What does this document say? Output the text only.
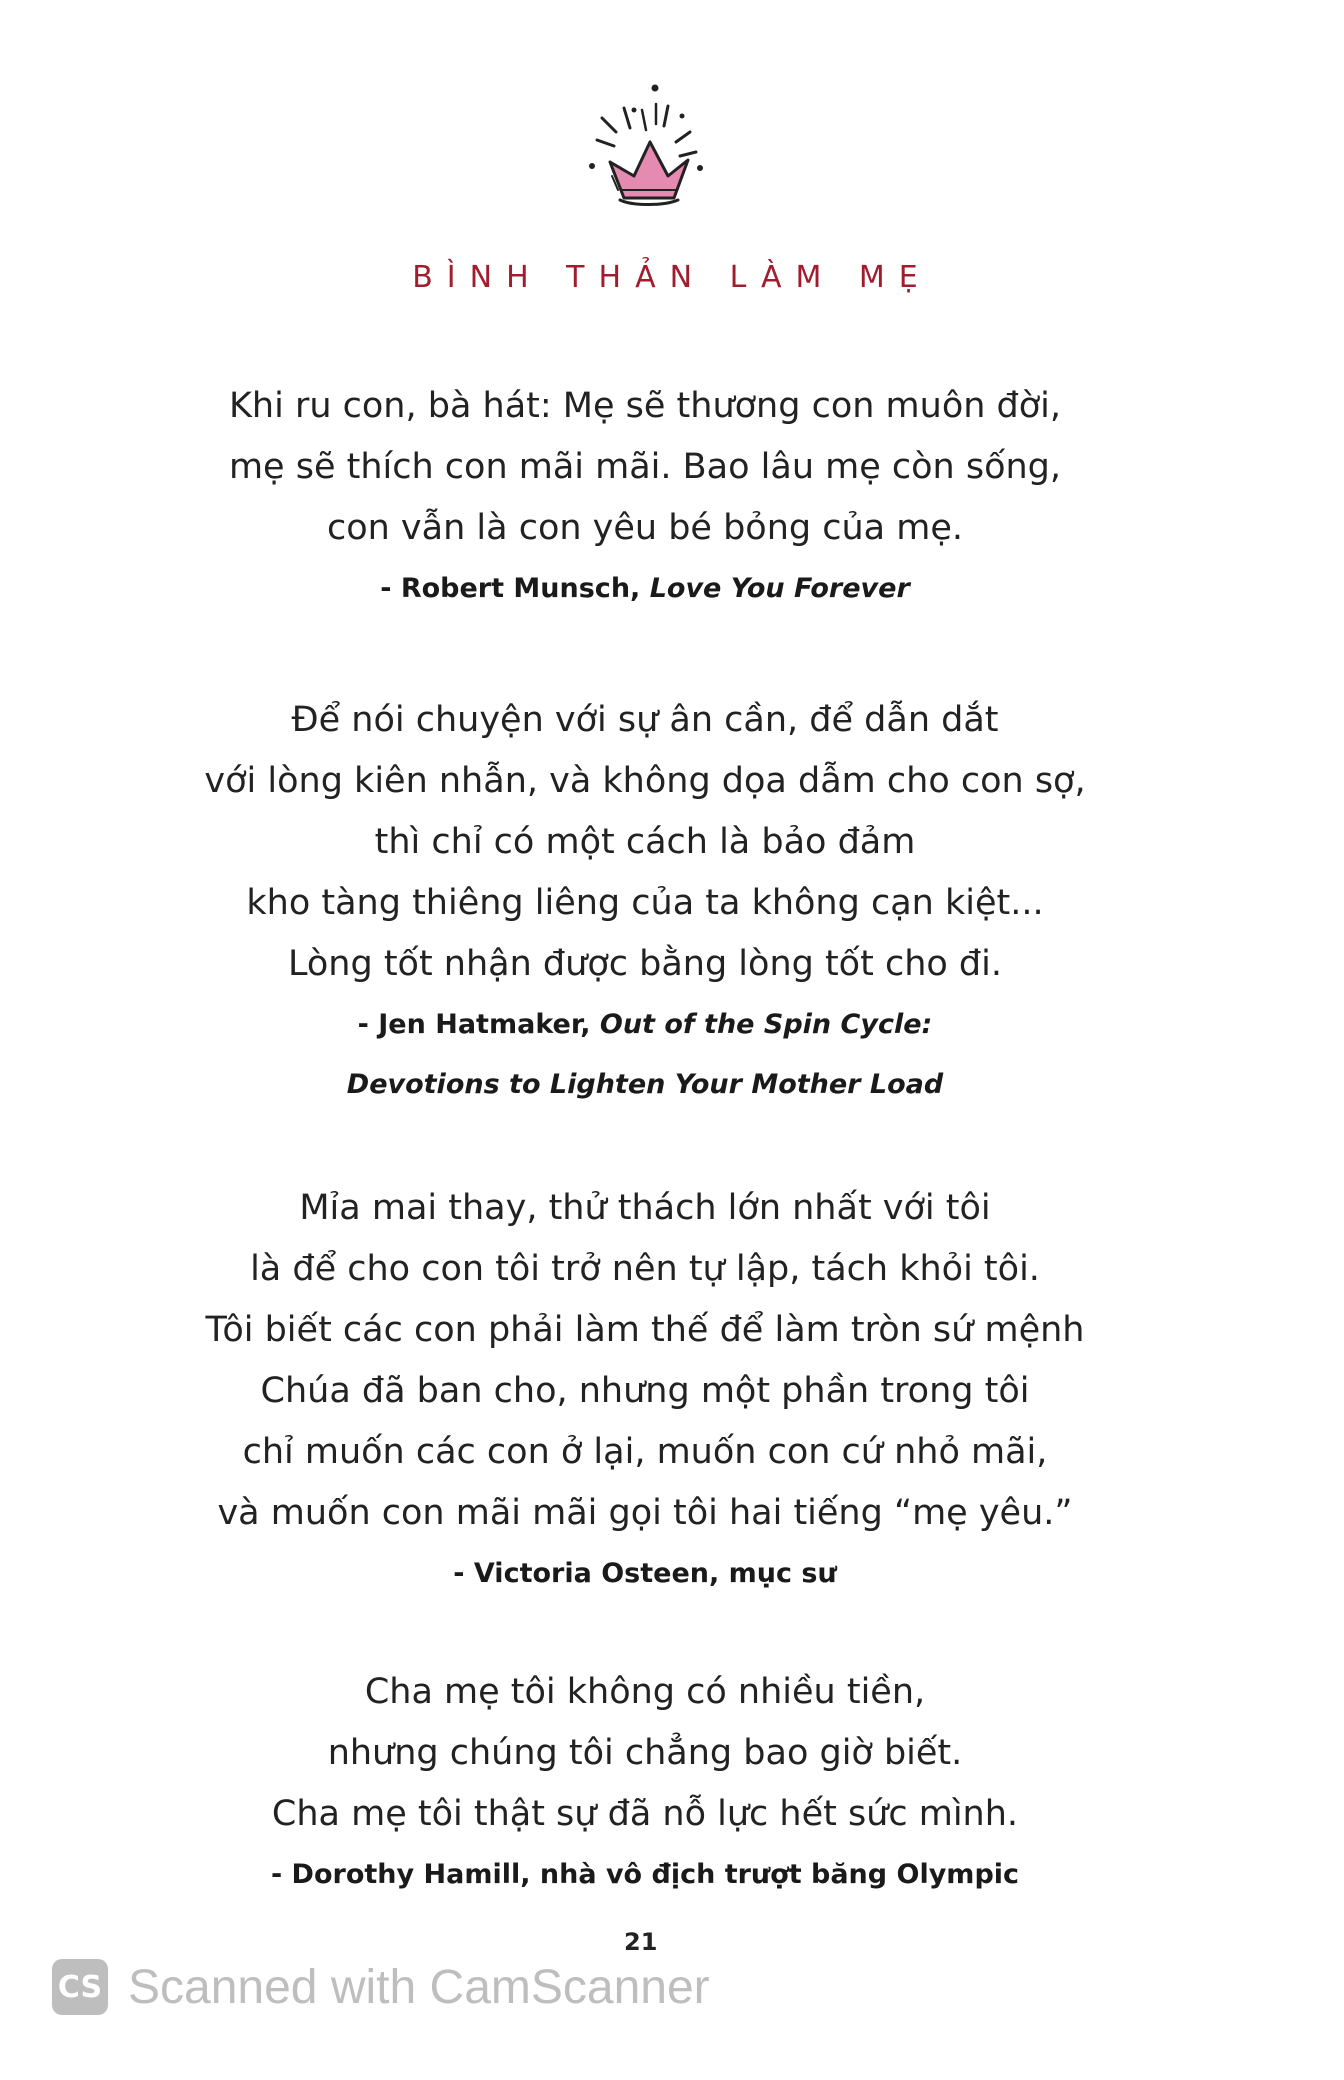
BÌNH THẢN LÀM MẸ
Khi ru con, bà hát: Mẹ sẽ thương con muôn đời,
mẹ sẽ thích con mãi mãi. Bao lâu mẹ còn sống,
con vẫn là con yêu bé bỏng của mẹ.
- Robert Munsch, Love You Forever
Để nói chuyện với sự ân cần, để dẫn dắt
với lòng kiên nhẫn, và không dọa dẫm cho con sợ,
thì chỉ có một cách là bảo đảm
kho tàng thiêng liêng của ta không cạn kiệt...
Lòng tốt nhận được bằng lòng tốt cho đi.
- Jen Hatmaker, Out of the Spin Cycle:
Devotions to Lighten Your Mother Load
Mỉa mai thay, thử thách lớn nhất với tôi
là để cho con tôi trở nên tự lập, tách khỏi tôi.
Tôi biết các con phải làm thế để làm tròn sứ mệnh
Chúa đã ban cho, nhưng một phần trong tôi
chỉ muốn các con ở lại, muốn con cứ nhỏ mãi,
và muốn con mãi mãi gọi tôi hai tiếng “mẹ yêu.”
- Victoria Osteen, mục sư
Cha mẹ tôi không có nhiều tiền,
nhưng chúng tôi chẳng bao giờ biết.
Cha mẹ tôi thật sự đã nỗ lực hết sức mình.
- Dorothy Hamill, nhà vô địch trượt băng Olympic
21
CS Scanned with CamScanner
